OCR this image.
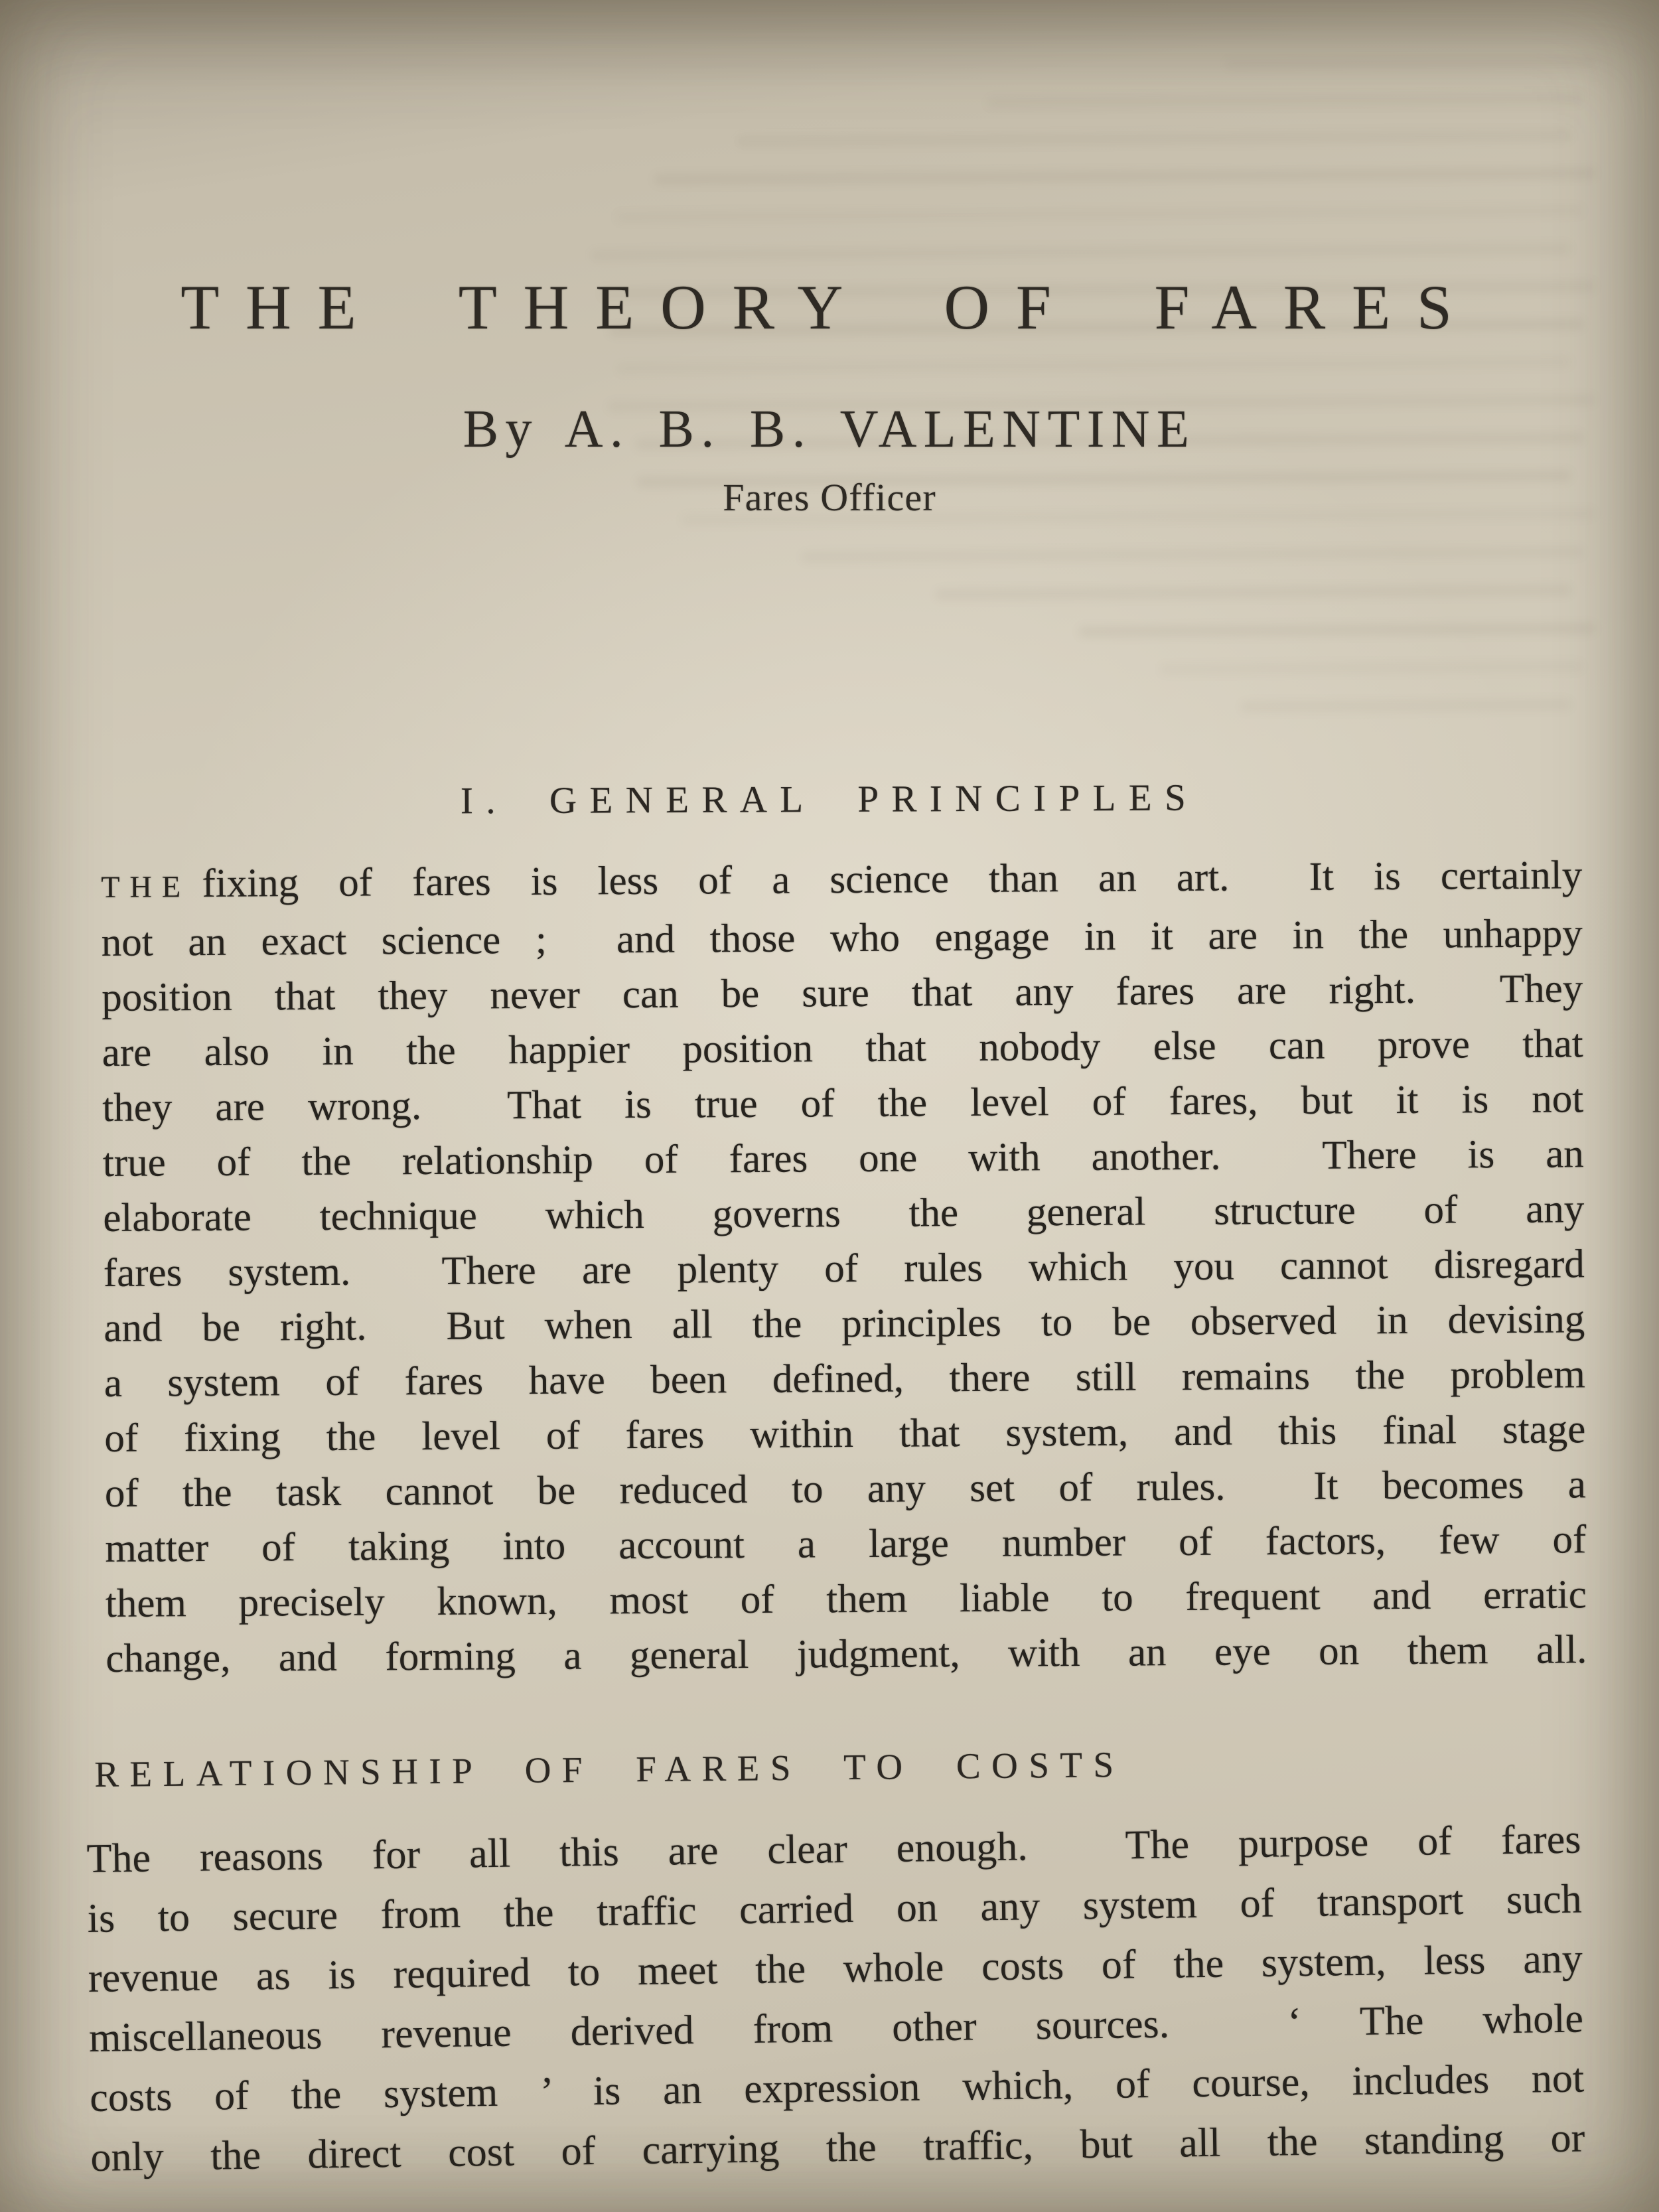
THE THEORY OF FARES
By A. B. B. VALENTINE
Fares Officer
I. GENERAL PRINCIPLES
THE fixing of fares is less of a science than an art.  It is certainly
not an exact science ;  and those who engage in it are in the unhappy
position that they never can be sure that any fares are right.  They
are also in the happier position that nobody else can prove that
they are wrong.  That is true of the level of fares, but it is not
true of the relationship of fares one with another.  There is an
elaborate technique which governs the general structure of any
fares system.  There are plenty of rules which you cannot disregard
and be right.  But when all the principles to be observed in devising
a system of fares have been defined, there still remains the problem
of fixing the level of fares within that system, and this final stage
of the task cannot be reduced to any set of rules.  It becomes a
matter of taking into account a large number of factors, few of
them precisely known, most of them liable to frequent and erratic
change, and forming a general judgment, with an eye on them all.
RELATIONSHIP OF FARES TO COSTS
The reasons for all this are clear enough.  The purpose of fares
is to secure from the traffic carried on any system of transport such
revenue as is required to meet the whole costs of the system, less any
miscellaneous revenue derived from other sources.  ‘ The whole
costs of the system ’ is an expression which, of course, includes not
only the direct cost of carrying the traffic, but all the standing or
